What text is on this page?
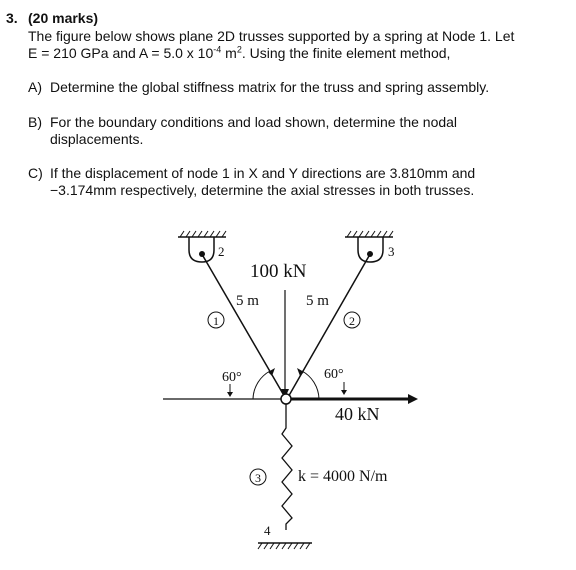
3. (20 marks)
The figure below shows plane 2D trusses supported by a spring at Node 1. Let
E = 210 GPa and A = 5.0 x $10^{-4}$ $m^2$. Using the finite element method,
A) Determine the global stiffness matrix for the truss and spring assembly.
B) For the boundary conditions and load shown, determine the nodal displacements.
C) If the displacement of node 1 in X and Y directions are 3.810mm and −3.174mm respectively, determine the axial stresses in both trusses.
2	3
100 kN
5 m	5 m
1	2
60°	60°
40 kN
3 k = 4000 N/m
4
